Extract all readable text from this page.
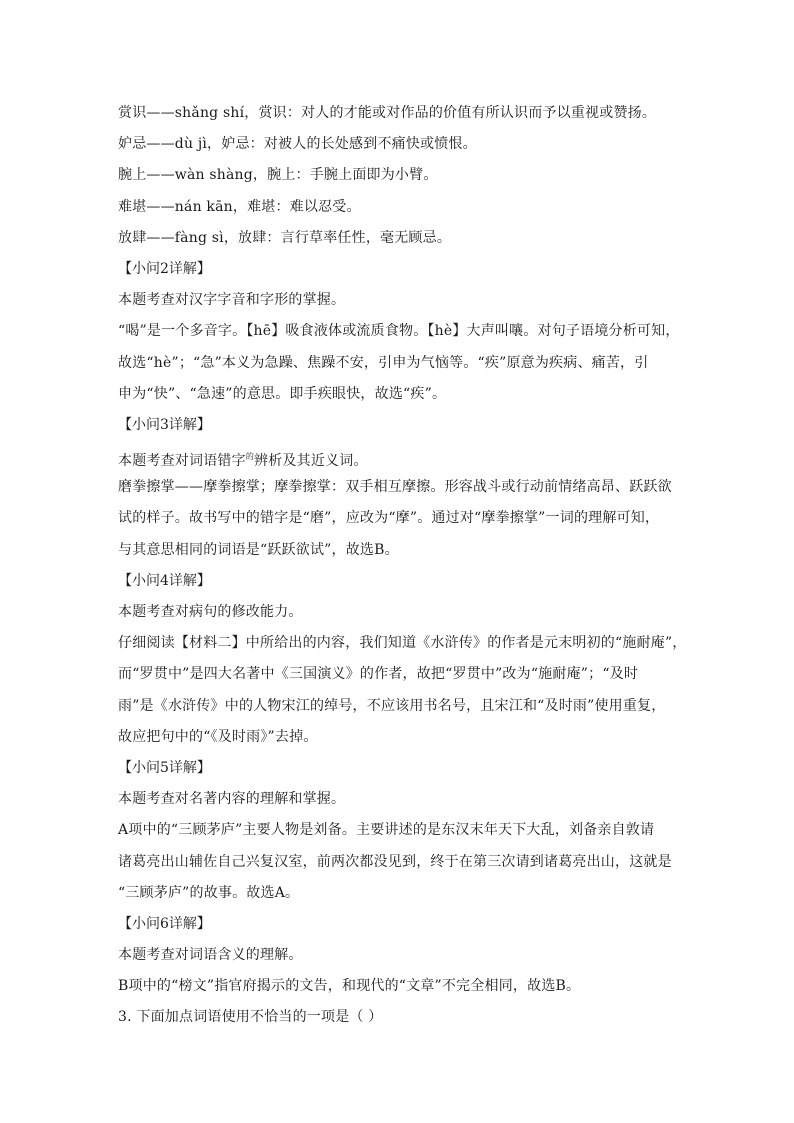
赏识——shǎng shí，赏识：对人的才能或对作品的价值有所认识而予以重视或赞扬。
妒忌——dù jì，妒忌：对被人的长处感到不痛快或愤恨。
腕上——wàn shàng，腕上：手腕上面即为小臂。
难堪——nán kān，难堪：难以忍受。
放肆——fàng sì，放肆：言行草率任性，毫无顾忌。
【小问2详解】
本题考查对汉字字音和字形的掌握。
“喝”是一个多音字。【hē】吸食液体或流质食物。【hè】大声叫嚷。对句子语境分析可知，
故选“hè”；“急”本义为急躁、焦躁不安，引申为气恼等。“疾”原意为疾病、痛苦，引
申为“快”、“急速”的意思。即手疾眼快，故选“疾”。
【小问3详解】
本题考查对词语错字$^的$辨析及其近义词。
磨拳擦掌——摩拳擦掌；摩拳擦掌：双手相互摩擦。形容战斗或行动前情绪高昂、跃跃欲
试的样子。故书写中的错字是“磨”，应改为“摩”。通过对“摩拳擦掌”一词的理解可知，
与其意思相同的词语是“跃跃欲试”，故选B。
【小问4详解】
本题考查对病句的修改能力。
仔细阅读【材料二】中所给出的内容，我们知道《水浒传》的作者是元末明初的“施耐庵”，
而“罗贯中”是四大名著中《三国演义》的作者，故把“罗贯中”改为“施耐庵”；“及时
雨”是《水浒传》中的人物宋江的绰号，不应该用书名号，且宋江和“及时雨”使用重复，
故应把句中的“《及时雨》”去掉。
【小问5详解】
本题考查对名著内容的理解和掌握。
A项中的“三顾茅庐”主要人物是刘备。主要讲述的是东汉末年天下大乱，刘备亲自敦请
诸葛亮出山辅佐自己兴复汉室，前两次都没见到，终于在第三次请到诸葛亮出山，这就是
“三顾茅庐”的故事。故选A。
【小问6详解】
本题考查对词语含义的理解。
B项中的“榜文”指官府揭示的文告，和现代的“文章”不完全相同，故选B。
3. 下面加点词语使用不恰当的一项是（ ）
